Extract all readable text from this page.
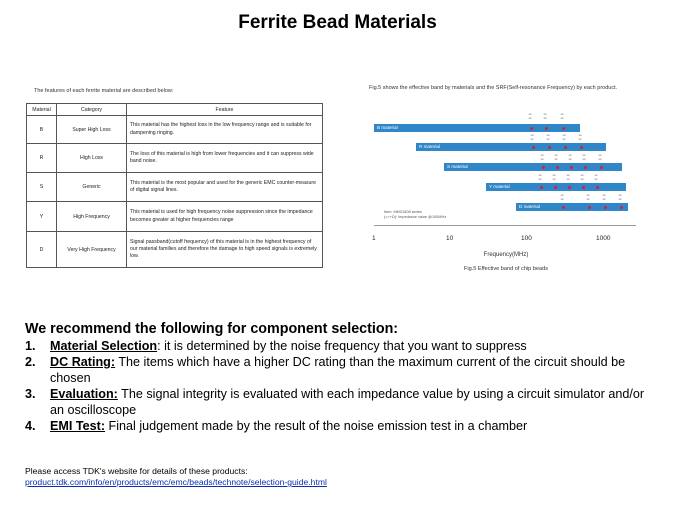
Ferrite Bead Materials
The features of each ferrite material are described below:
Material	Category	Feature
B	Super High Loss	This material has the highest loss in the low frequency range and is suitable for dampening ringing.
R	High Loss	The loss of this material is high from lower frequencies and it can suppress wide band noise.
S	Generic	This material is the most popular and used for the generic EMC counter-measure of digital signal lines.
Y	High Frequency	This material is used for high frequency noise suppression since the impedance becomes greater at higher frequencies range
D	Very High Frequency	Signal passband(cutoff frequency) of this material is in the highest frequency of our material families and therefore the damage to high speed signals is extremely low.
Fig.5 shows the effective band by materials and the SRF(Self-resonance Frequency) by each product.
B material
R material
S material
Y material
D material
▪▪▪
▪▪▪
▪▪▪
▪▪▪
▪▪▪
▪▪▪
▪▪▪
▪▪▪
▪▪▪
▪▪▪
▪▪▪
▪▪▪
▪▪▪
▪▪▪
▪▪▪
▪▪▪
▪▪▪
▪▪▪
▪▪▪
▪▪▪
▪▪▪
▪▪▪
▪▪▪
▪▪▪
▪▪▪
▪▪▪
▪▪▪
▪▪▪
▪▪▪
▪▪▪
▪▪▪
▪▪▪
▪▪▪
▪▪▪
▪▪▪
▪▪▪
▪▪▪
▪▪▪
▪▪▪
▪▪▪
▪▪▪
▪▪▪
Item: MMZ1608 series
(==+Ω): Impedance value @100MHz
1	10	100	1000
Frequency(MHz)
Fig.5 Effective band of chip beads
We recommend the following for component selection:
1. Material Selection: it is determined by the noise frequency that you want to suppress
2. DC Rating: The items which have a higher DC rating than the maximum current of the circuit should be chosen
3. Evaluation: The signal integrity is evaluated with each impedance value by using a circuit simulator and/or an oscilloscope
4. EMI Test: Final judgement made by the result of the noise emission test in a chamber
Please access TDK's website for details of these products:
product.tdk.com/info/en/products/emc/emc/beads/technote/selection-guide.html
